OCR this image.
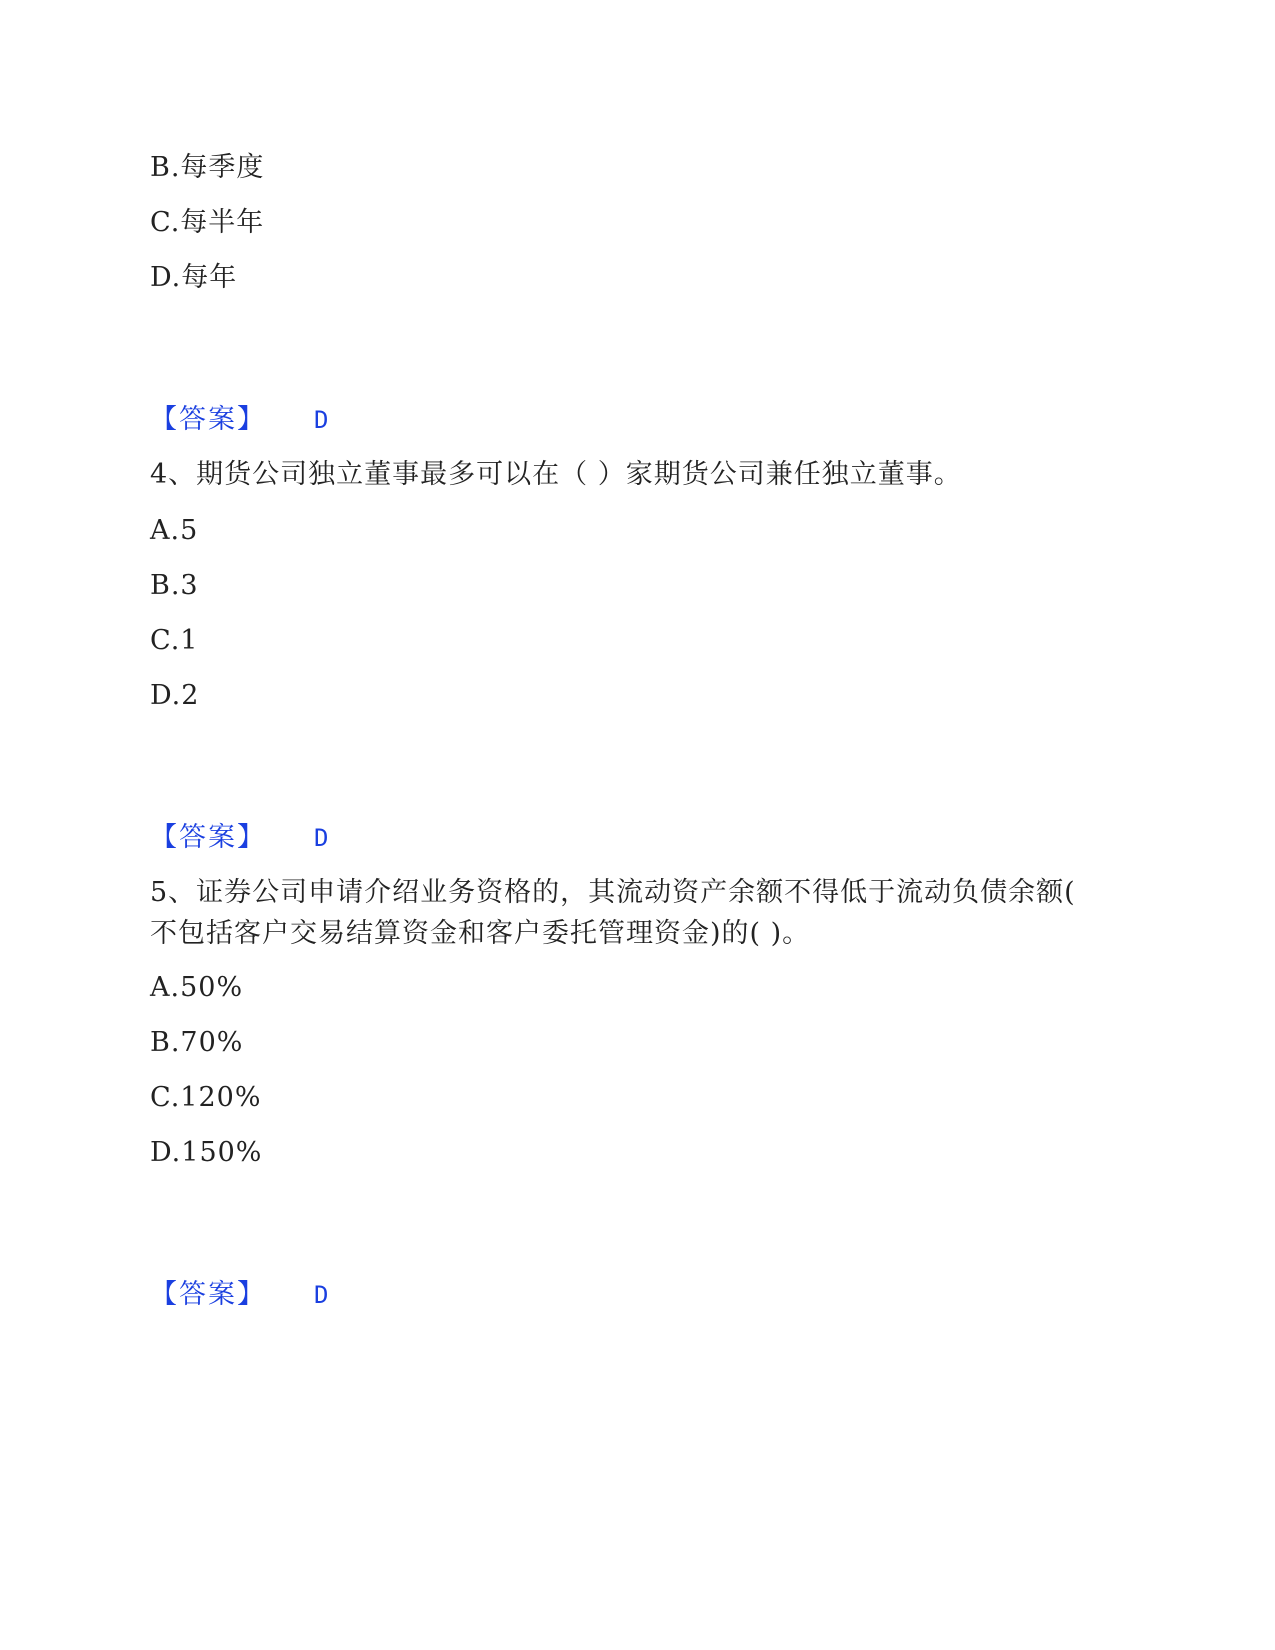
B.每季度
C.每半年
D.每年
【答案】 D
4、期货公司独立董事最多可以在（ ）家期货公司兼任独立董事。
A.5
B.3
C.1
D.2
【答案】 D
5、证券公司申请介绍业务资格的，其流动资产余额不得低于流动负债余额(
不包括客户交易结算资金和客户委托管理资金)的( )。
A.50%
B.70%
C.120%
D.150%
【答案】 D
